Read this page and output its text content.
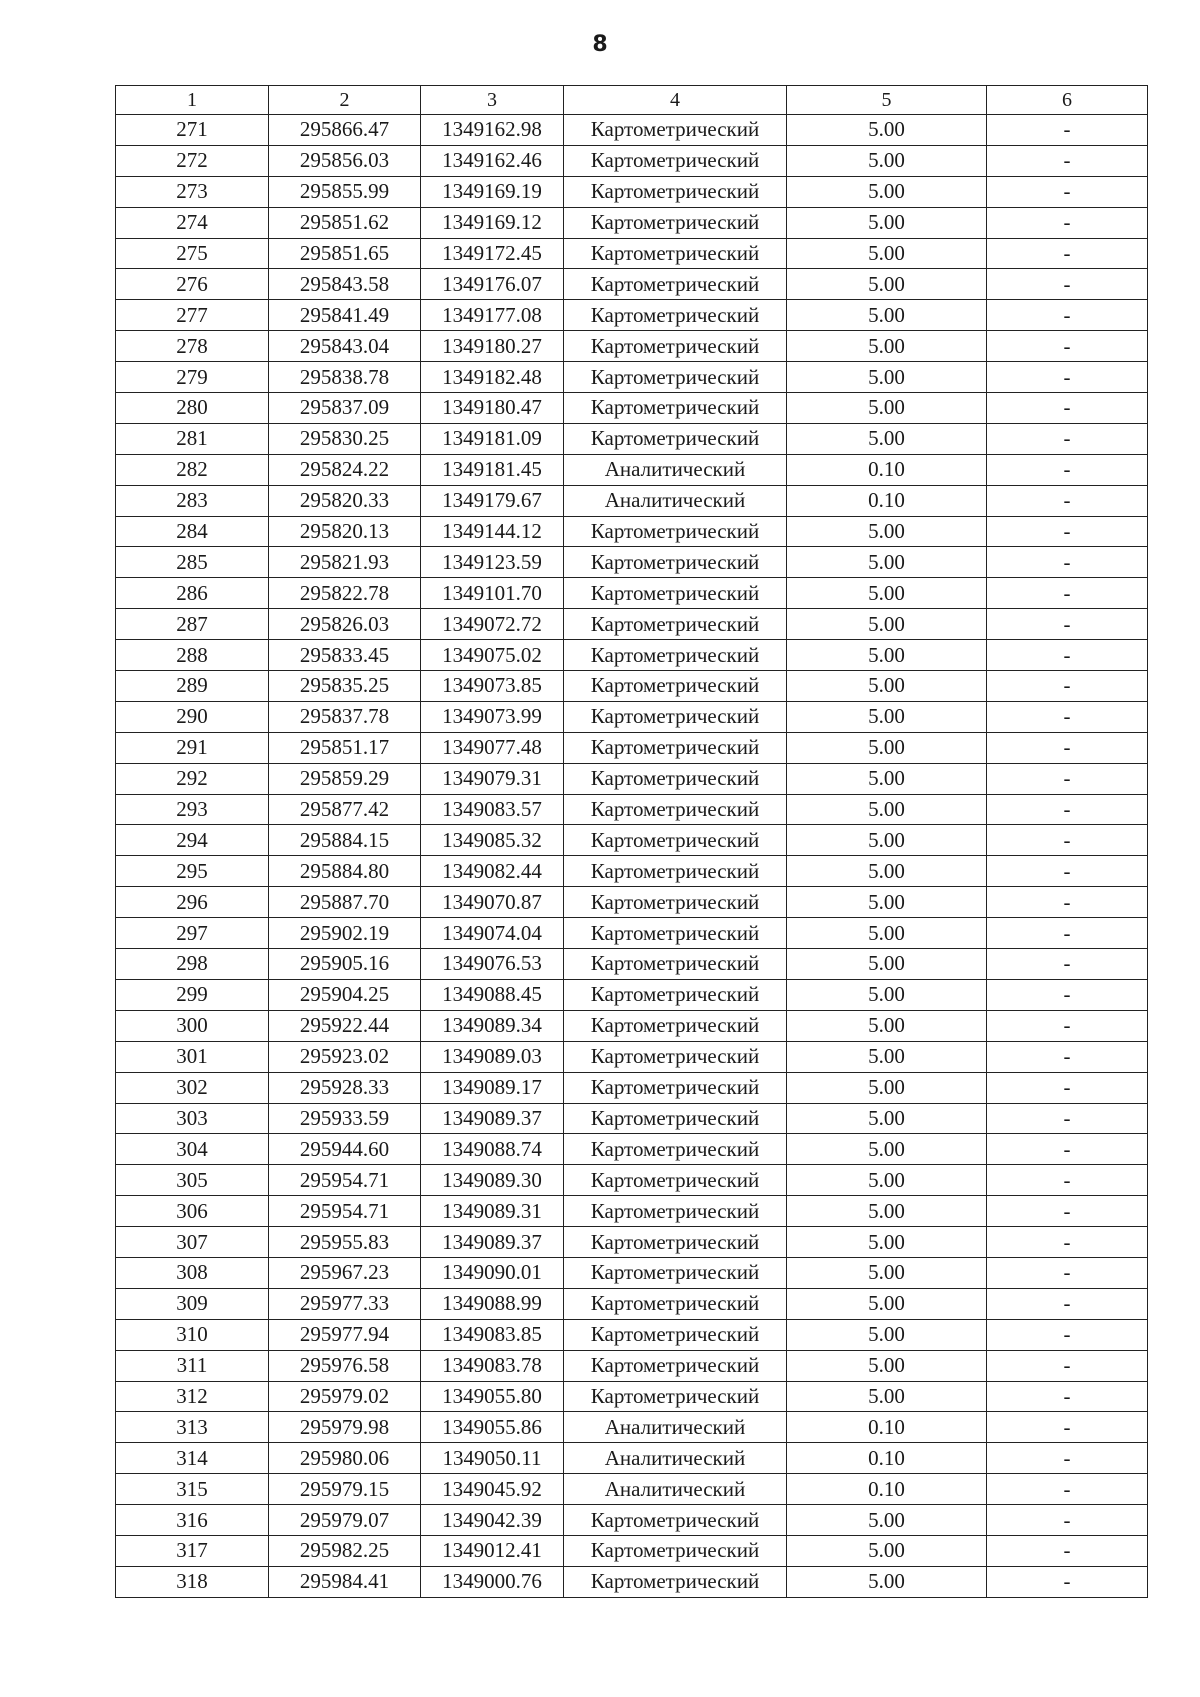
8
1	2	3	4	5	6
271	295866.47	1349162.98	Картометрический	5.00	-
272	295856.03	1349162.46	Картометрический	5.00	-
273	295855.99	1349169.19	Картометрический	5.00	-
274	295851.62	1349169.12	Картометрический	5.00	-
275	295851.65	1349172.45	Картометрический	5.00	-
276	295843.58	1349176.07	Картометрический	5.00	-
277	295841.49	1349177.08	Картометрический	5.00	-
278	295843.04	1349180.27	Картометрический	5.00	-
279	295838.78	1349182.48	Картометрический	5.00	-
280	295837.09	1349180.47	Картометрический	5.00	-
281	295830.25	1349181.09	Картометрический	5.00	-
282	295824.22	1349181.45	Аналитический	0.10	-
283	295820.33	1349179.67	Аналитический	0.10	-
284	295820.13	1349144.12	Картометрический	5.00	-
285	295821.93	1349123.59	Картометрический	5.00	-
286	295822.78	1349101.70	Картометрический	5.00	-
287	295826.03	1349072.72	Картометрический	5.00	-
288	295833.45	1349075.02	Картометрический	5.00	-
289	295835.25	1349073.85	Картометрический	5.00	-
290	295837.78	1349073.99	Картометрический	5.00	-
291	295851.17	1349077.48	Картометрический	5.00	-
292	295859.29	1349079.31	Картометрический	5.00	-
293	295877.42	1349083.57	Картометрический	5.00	-
294	295884.15	1349085.32	Картометрический	5.00	-
295	295884.80	1349082.44	Картометрический	5.00	-
296	295887.70	1349070.87	Картометрический	5.00	-
297	295902.19	1349074.04	Картометрический	5.00	-
298	295905.16	1349076.53	Картометрический	5.00	-
299	295904.25	1349088.45	Картометрический	5.00	-
300	295922.44	1349089.34	Картометрический	5.00	-
301	295923.02	1349089.03	Картометрический	5.00	-
302	295928.33	1349089.17	Картометрический	5.00	-
303	295933.59	1349089.37	Картометрический	5.00	-
304	295944.60	1349088.74	Картометрический	5.00	-
305	295954.71	1349089.30	Картометрический	5.00	-
306	295954.71	1349089.31	Картометрический	5.00	-
307	295955.83	1349089.37	Картометрический	5.00	-
308	295967.23	1349090.01	Картометрический	5.00	-
309	295977.33	1349088.99	Картометрический	5.00	-
310	295977.94	1349083.85	Картометрический	5.00	-
311	295976.58	1349083.78	Картометрический	5.00	-
312	295979.02	1349055.80	Картометрический	5.00	-
313	295979.98	1349055.86	Аналитический	0.10	-
314	295980.06	1349050.11	Аналитический	0.10	-
315	295979.15	1349045.92	Аналитический	0.10	-
316	295979.07	1349042.39	Картометрический	5.00	-
317	295982.25	1349012.41	Картометрический	5.00	-
318	295984.41	1349000.76	Картометрический	5.00	-
